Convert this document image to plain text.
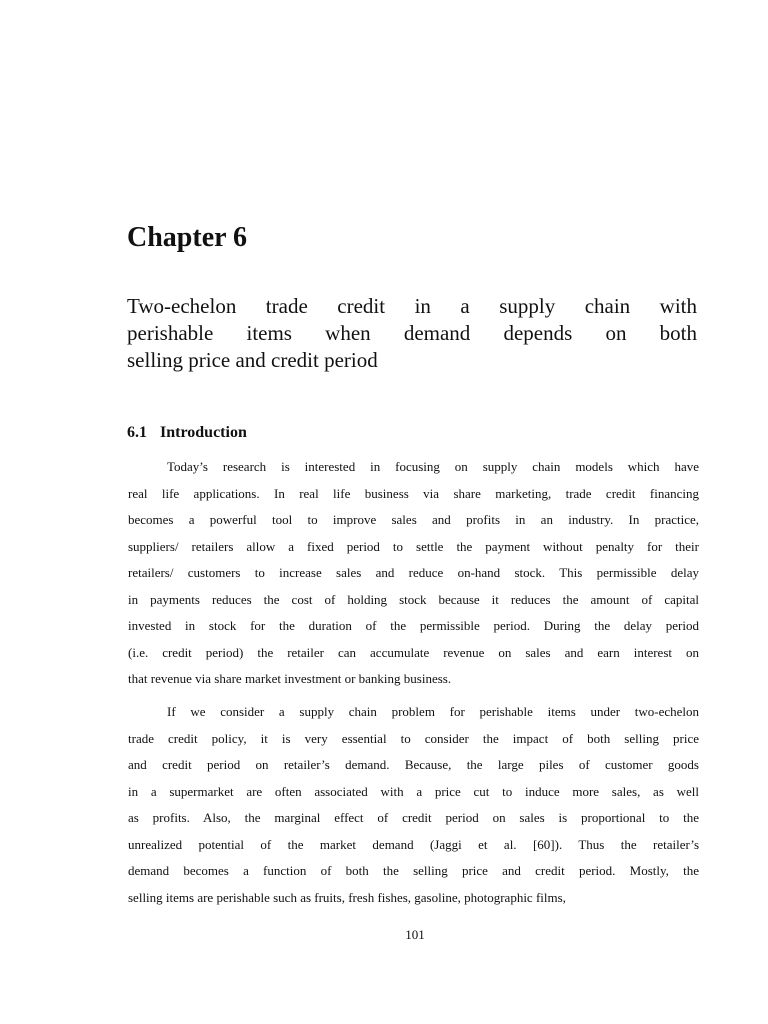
Chapter 6
Two-echelon trade credit in a supply chain with
perishable items when demand depends on both
selling price and credit period
6.1 Introduction

Today’s research is interested in focusing on supply chain models which have
real life applications. In real life business via share marketing, trade credit financing
becomes a powerful tool to improve sales and profits in an industry. In practice,
suppliers/ retailers allow a fixed period to settle the payment without penalty for their
retailers/ customers to increase sales and reduce on-hand stock. This permissible delay
in payments reduces the cost of holding stock because it reduces the amount of capital
invested in stock for the duration of the permissible period. During the delay period
(i.e. credit period) the retailer can accumulate revenue on sales and earn interest on
that revenue via share market investment or banking business.

If we consider a supply chain problem for perishable items under two-echelon
trade credit policy, it is very essential to consider the impact of both selling price
and credit period on retailer’s demand. Because, the large piles of customer goods
in a supermarket are often associated with a price cut to induce more sales, as well
as profits. Also, the marginal effect of credit period on sales is proportional to the
unrealized potential of the market demand (Jaggi et al. [60]). Thus the retailer’s
demand becomes a function of both the selling price and credit period. Mostly, the
selling items are perishable such as fruits, fresh fishes, gasoline, photographic films,

101
